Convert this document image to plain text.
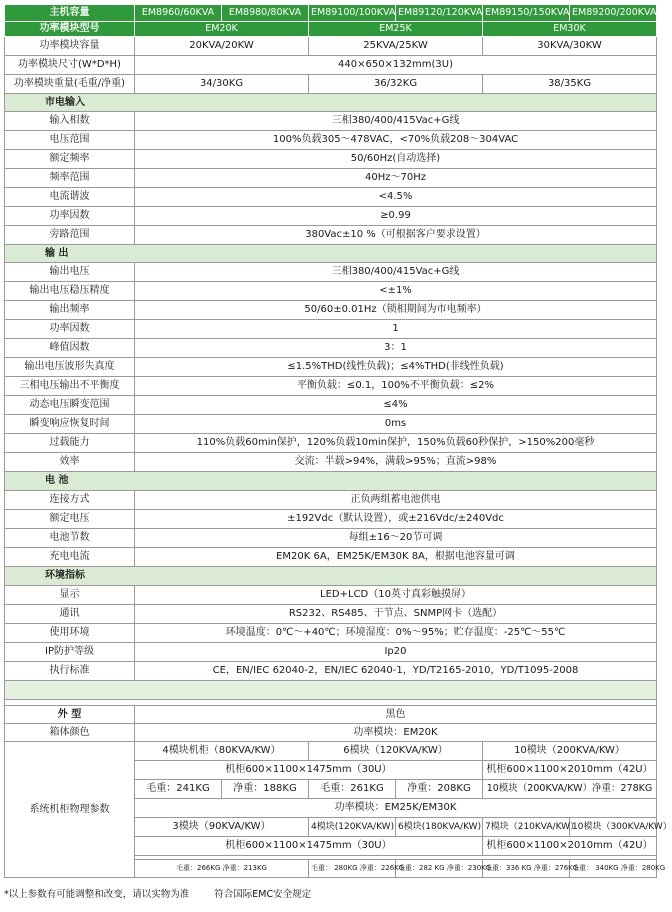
主机容量	EM8960/60KVA	EM8980/80KVA	EM89100/100KVA	EM89120/120KVA	EM89150/150KVA	EM89200/200KVA
功率模块型号	EM20K		EM25K		EM30K	
功率模块容量	20KVA/20KW		25KVA/25KW		30KVA/30KW	
功率模块尺寸(W*D*H)	440×650×132mm(3U)					
功率模块重量(毛重/净重)	34/30KG		36/32KG		38/35KG	
市电输入						
输入相数	三相380/400/415Vac+G线					
电压范围	100%负载305～478VAC，<70%负载208～304VAC					
额定频率	50/60Hz(自动选择)					
频率范围	40Hz～70Hz					
电流谐波	<4.5%					
功率因数	≥0.99					
旁路范围	380Vac±10 %（可根据客户要求设置）					
输 出						
输出电压	三相380/400/415Vac+G线					
输出电压稳压精度	<±1%					
输出频率	50/60±0.01Hz（锁相期间为市电频率）					
功率因数	1					
峰值因数	3：1					
输出电压波形失真度	≤1.5%THD(线性负载)；≤4%THD(非线性负载)					
三相电压输出不平衡度	平衡负载：≤0.1，100%不平衡负载：≤2%					
动态电压瞬变范围	≤4%					
瞬变响应恢复时间	0ms					
过载能力	110%负载60min保护，120%负载10min保护，150%负载60秒保护，>150%200毫秒					
效率	交流：半载>94%，满载>95%；直流>98%					
电 池						
连接方式	正负两组蓄电池供电					
额定电压	±192Vdc（默认设置），或±216Vdc/±240Vdc					
电池节数	每组±16～20节可调					
充电电流	EM20K 6A，EM25K/EM30K 8A，根据电池容量可调					
环境指标						
显示	LED+LCD（10英寸真彩触摸屏）					
通讯	RS232、RS485、干节点、SNMP网卡（选配）					
使用环境	环境温度：0℃～+40℃；环境湿度：0%～95%；贮存温度：-25℃～55℃					
IP防护等级	Ip20					
执行标准	CE，EN/IEC 62040-2，EN/IEC 62040-1，YD/T2165-2010，YD/T1095-2008					

外 型	黑色					
箱体颜色	功率模块：EM20K					
系统机柜物理参数	4模块机柜（80KVA/KW）		6模块（120KVA/KW）		10模块（200KVA/KW）	
	机柜600×1100×1475mm（30U）				机柜600×1100×2010mm（42U）	
	毛重：241KG	净重：188KG	毛重：261KG	净重：208KG	10模块（200KVA/KW）净重：278KG	
	功率模块：EM25K/EM30K					
	3模块（90KVA/KW）		4模块(120KVA/KW)	6模块(180KVA/KW)	7模块（210KVA/KW）	10模块（300KVA/KW）
	机柜600×1100×1475mm（30U）				机柜600×1100×2010mm（42U）	

	毛重：266KG 净重：213KG		毛重： 280KG 净重：226KG	毛重：282 KG 净重：230KG	毛重：336 KG 净重：276KG	毛重： 340KG 净重：280KG
*以上参数有可能调整和改变，请以实物为准	符合国际EMC安全规定
